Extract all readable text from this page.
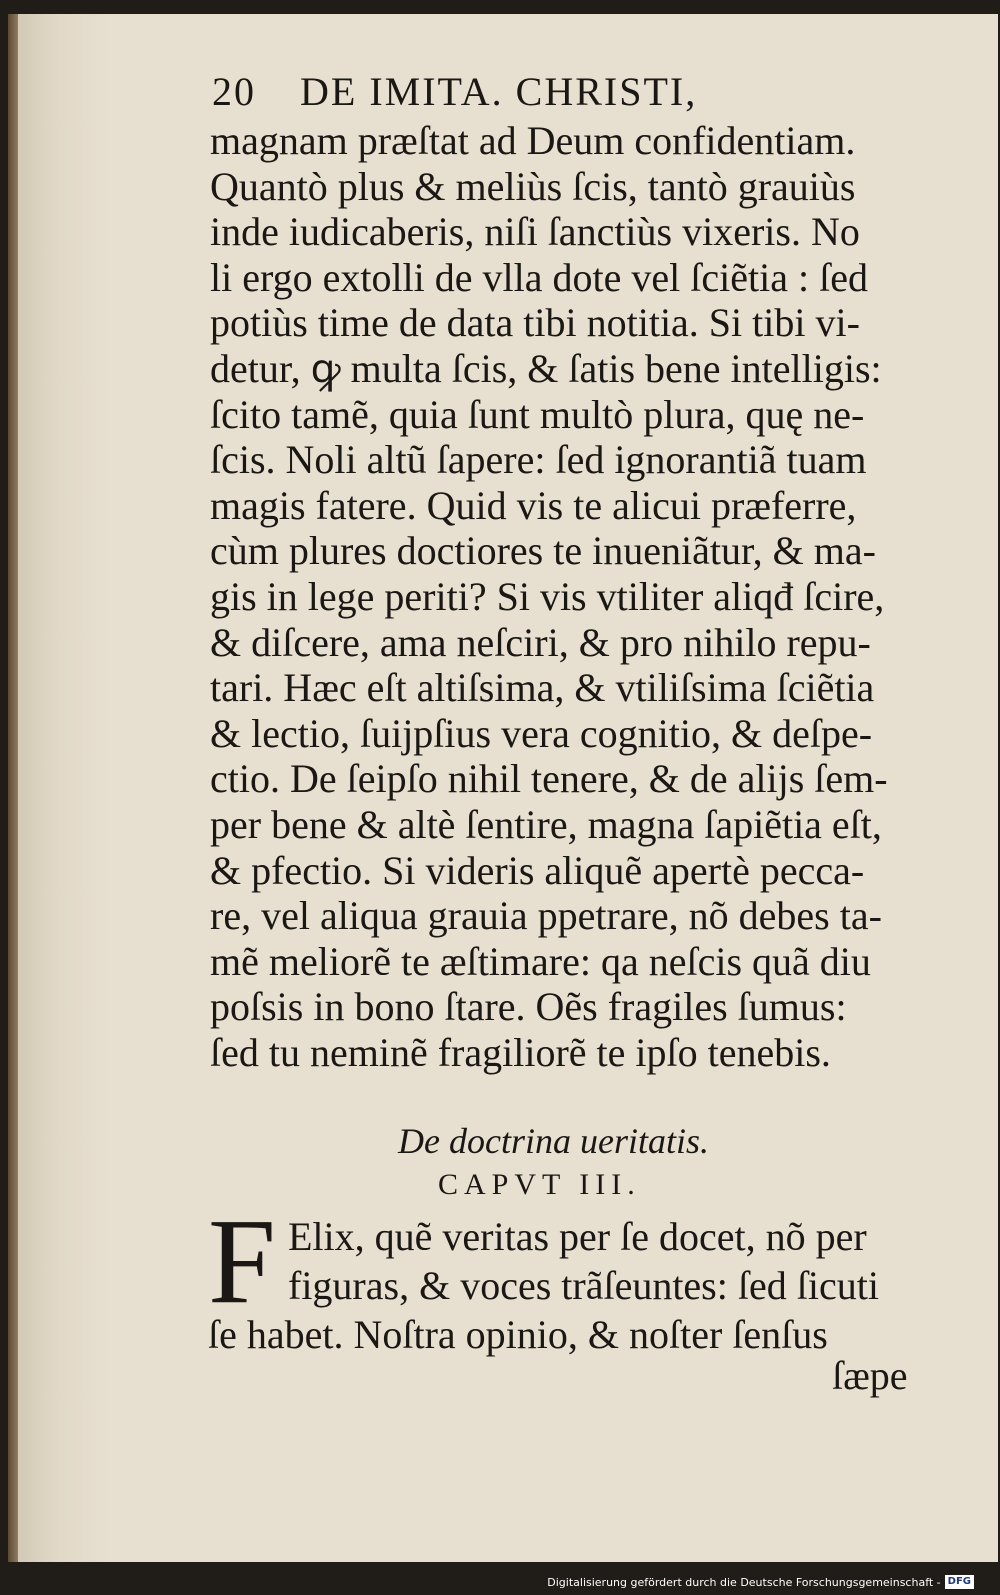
20 DE IMITA. CHRISTI,
magnam præſtat ad Deum confidentiam.
Quantò plus & meliùs ſcis, tantò grauiùs
inde iudicaberis, niſi ſanctiùs vixeris. No
li ergo extolli de vlla dote vel ſciẽtia : ſed
potiùs time de data tibi notitia. Si tibi vi-
detur, ꝙ multa ſcis, & ſatis bene intelligis:
ſcito tamẽ, quia ſunt multò plura, quę ne-
ſcis. Noli altũ ſapere: ſed ignorantiã tuam
magis fatere. Quid vis te alicui præferre,
cùm plures doctiores te inueniãtur, & ma-
gis in lege periti? Si vis vtiliter aliqđ ſcire,
& diſcere, ama neſciri, & pro nihilo repu-
tari. Hæc eſt altiſsima, & vtiliſsima ſciẽtia
& lectio, ſuijpſius vera cognitio, & deſpe-
ctio. De ſeipſo nihil tenere, & de alijs ſem-
per bene & altè ſentire, magna ſapiẽtia eſt,
& pfectio. Si videris aliquẽ apertè pecca-
re, vel aliqua grauia ppetrare, nõ debes ta-
mẽ meliorẽ te æſtimare: qa neſcis quã diu
poſsis in bono ſtare. Oẽs fragiles ſumus:
ſed tu neminẽ fragiliorẽ te ipſo tenebis.
De doctrina ueritatis.
CAPVT III.
F Elix, quẽ veritas per ſe docet, nõ per
figuras, & voces trãſeuntes: ſed ſicuti
ſe habet. Noſtra opinio, & noſter ſenſus
ſæpe
Digitalisierung gefördert durch die Deutsche Forschungsgemeinschaft - DFG
